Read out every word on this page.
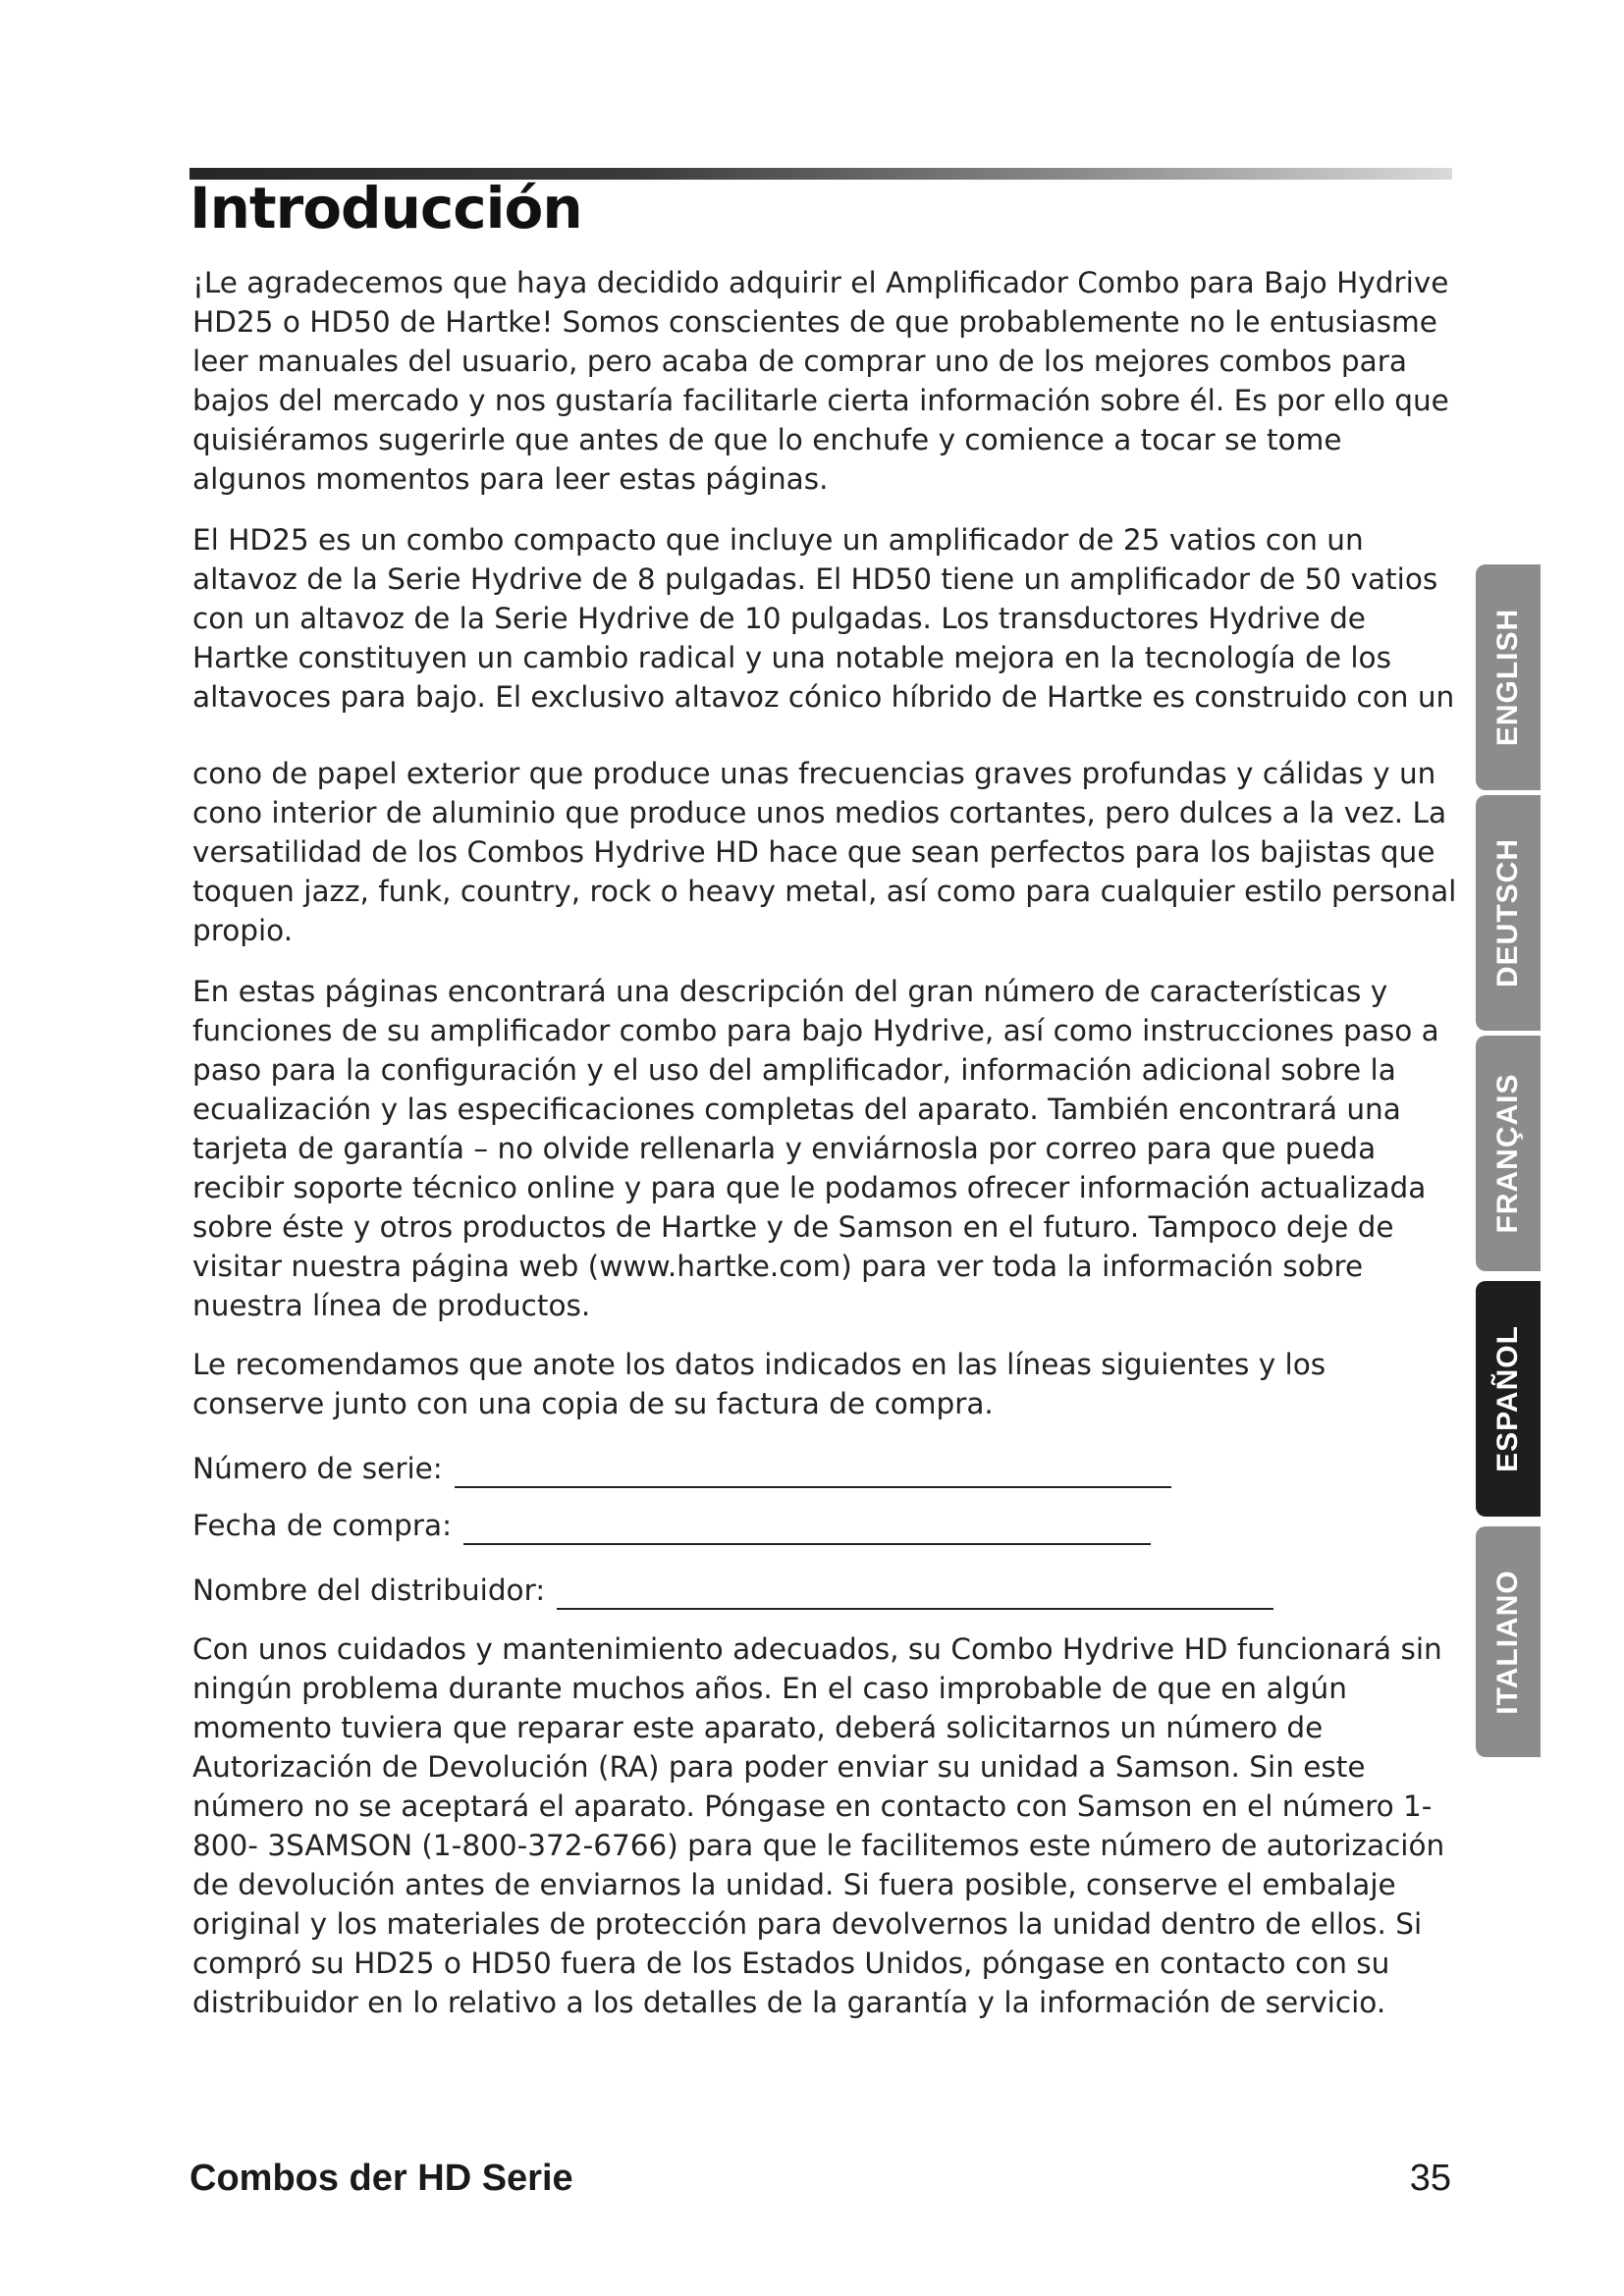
Introducción

¡Le agradecemos que haya decidido adquirir el Amplificador Combo para Bajo Hydrive HD25 o HD50 de Hartke! Somos conscientes de que probablemente no le entusiasme leer manuales del usuario, pero acaba de comprar uno de los mejores combos para bajos del mercado y nos gustaría facilitarle cierta información sobre él. Es por ello que quisiéramos sugerirle que antes de que lo enchufe y comience a tocar se tome algunos momentos para leer estas páginas.

El HD25 es un combo compacto que incluye un amplificador de 25 vatios con un altavoz de la Serie Hydrive de 8 pulgadas. El HD50 tiene un amplificador de 50 vatios con un altavoz de la Serie Hydrive de 10 pulgadas. Los transductores Hydrive de Hartke constituyen un cambio radical y una notable mejora en la tecnología de los altavoces para bajo. El exclusivo altavoz cónico híbrido de Hartke es construido con un

cono de papel exterior que produce unas frecuencias graves profundas y cálidas y un cono interior de aluminio que produce unos medios cortantes, pero dulces a la vez. La versatilidad de los Combos Hydrive HD hace que sean perfectos para los bajistas que toquen jazz, funk, country, rock o heavy metal, así como para cualquier estilo personal propio.

En estas páginas encontrará una descripción del gran número de características y funciones de su amplificador combo para bajo Hydrive, así como instrucciones paso a paso para la configuración y el uso del amplificador, información adicional sobre la ecualización y las especificaciones completas del aparato. También encontrará una tarjeta de garantía – no olvide rellenarla y enviárnosla por correo para que pueda recibir soporte técnico online y para que le podamos ofrecer información actualizada sobre éste y otros productos de Hartke y de Samson en el futuro. Tampoco deje de visitar nuestra página web (www.hartke.com) para ver toda la información sobre nuestra línea de productos.

Le recomendamos que anote los datos indicados en las líneas siguientes y los conserve junto con una copia de su factura de compra.

Número de serie:
Fecha de compra:
Nombre del distribuidor:

Con unos cuidados y mantenimiento adecuados, su Combo Hydrive HD funcionará sin ningún problema durante muchos años. En el caso improbable de que en algún momento tuviera que reparar este aparato, deberá solicitarnos un número de Autorización de Devolución (RA) para poder enviar su unidad a Samson. Sin este número no se aceptará el aparato. Póngase en contacto con Samson en el número 1-800- 3SAMSON (1-800-372-6766) para que le facilitemos este número de autorización de devolución antes de enviarnos la unidad. Si fuera posible, conserve el embalaje original y los materiales de protección para devolvernos la unidad dentro de ellos. Si compró su HD25 o HD50 fuera de los Estados Unidos, póngase en contacto con su distribuidor en lo relativo a los detalles de la garantía y la información de servicio.

Combos der HD Serie	35
ENGLISH
DEUTSCH
FRANÇAIS
ESPAÑOL
ITALIANO
